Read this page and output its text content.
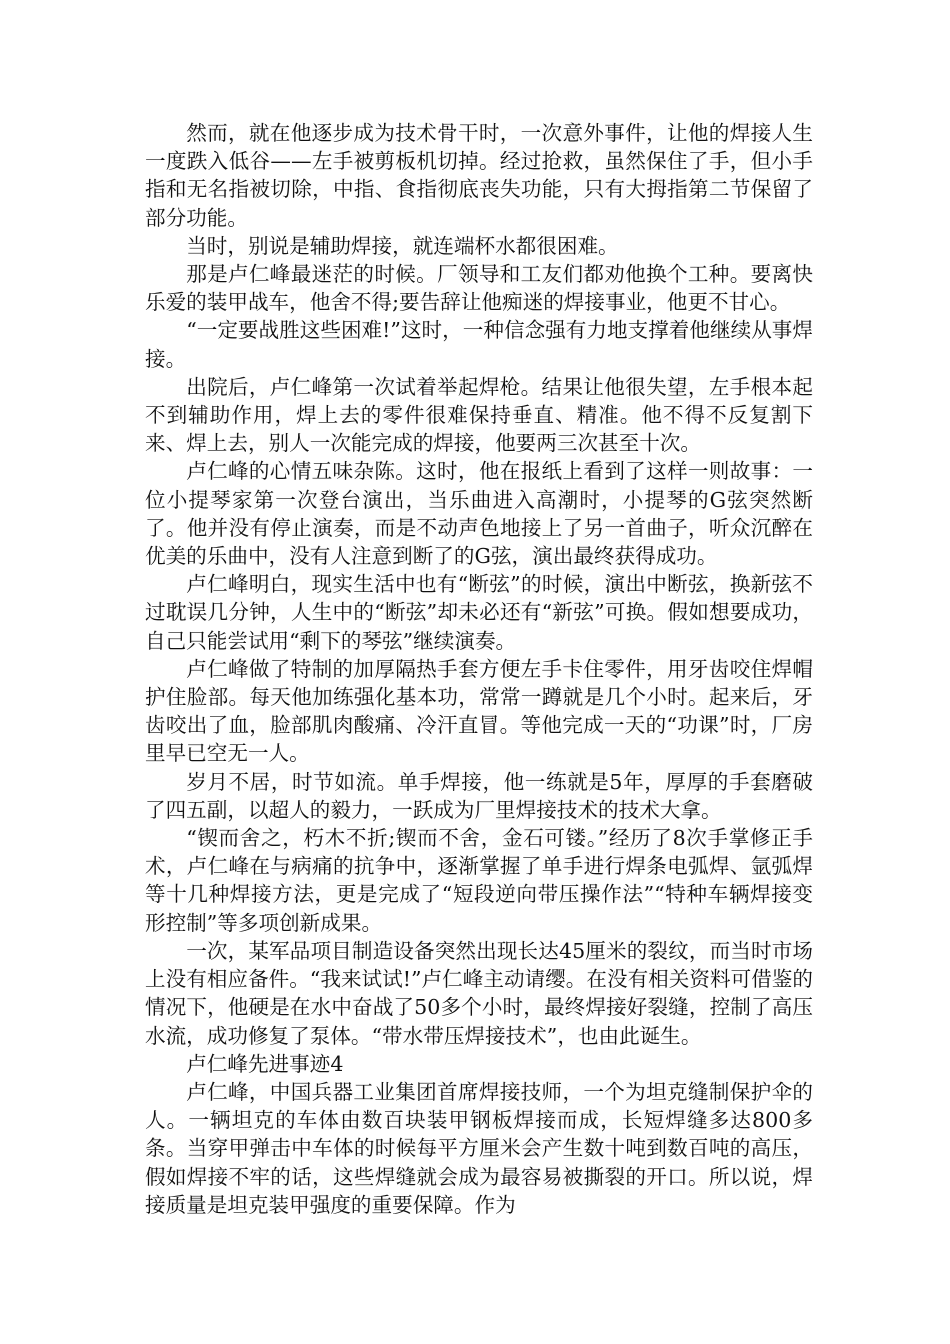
然而，就在他逐步成为技术骨干时，一次意外事件，让他的焊接人生一度跌入低谷——左手被剪板机切掉。经过抢救，虽然保住了手，但小手指和无名指被切除，中指、食指彻底丧失功能，只有大拇指第二节保留了部分功能。

当时，别说是辅助焊接，就连端杯水都很困难。

那是卢仁峰最迷茫的时候。厂领导和工友们都劝他换个工种。要离快乐爱的装甲战车，他舍不得;要告辞让他痴迷的焊接事业，他更不甘心。

“一定要战胜这些困难!”这时，一种信念强有力地支撑着他继续从事焊接。

出院后，卢仁峰第一次试着举起焊枪。结果让他很失望，左手根本起不到辅助作用，焊上去的零件很难保持垂直、精准。他不得不反复割下来、焊上去，别人一次能完成的焊接，他要两三次甚至十次。

卢仁峰的心情五味杂陈。这时，他在报纸上看到了这样一则故事：一位小提琴家第一次登台演出，当乐曲进入高潮时，小提琴的G弦突然断了。他并没有停止演奏，而是不动声色地接上了另一首曲子，听众沉醉在优美的乐曲中，没有人注意到断了的G弦，演出最终获得成功。

卢仁峰明白，现实生活中也有“断弦”的时候，演出中断弦，换新弦不过耽误几分钟，人生中的“断弦”却未必还有“新弦”可换。假如想要成功，自己只能尝试用“剩下的琴弦”继续演奏。

卢仁峰做了特制的加厚隔热手套方便左手卡住零件，用牙齿咬住焊帽护住脸部。每天他加练强化基本功，常常一蹲就是几个小时。起来后，牙齿咬出了血，脸部肌肉酸痛、冷汗直冒。等他完成一天的“功课”时，厂房里早已空无一人。

岁月不居，时节如流。单手焊接，他一练就是5年，厚厚的手套磨破了四五副，以超人的毅力，一跃成为厂里焊接技术的技术大拿。

“锲而舍之，朽木不折;锲而不舍，金石可镂。”经历了8次手掌修正手术，卢仁峰在与病痛的抗争中，逐渐掌握了单手进行焊条电弧焊、氩弧焊等十几种焊接方法，更是完成了“短段逆向带压操作法”“特种车辆焊接变形控制”等多项创新成果。

一次，某军品项目制造设备突然出现长达45厘米的裂纹，而当时市场上没有相应备件。“我来试试!”卢仁峰主动请缨。在没有相关资料可借鉴的情况下，他硬是在水中奋战了50多个小时，最终焊接好裂缝，控制了高压水流，成功修复了泵体。“带水带压焊接技术”，也由此诞生。

卢仁峰先进事迹4

卢仁峰，中国兵器工业集团首席焊接技师，一个为坦克缝制保护伞的人。一辆坦克的车体由数百块装甲钢板焊接而成，长短焊缝多达800多条。当穿甲弹击中车体的时候每平方厘米会产生数十吨到数百吨的高压，假如焊接不牢的话，这些焊缝就会成为最容易被撕裂的开口。所以说，焊接质量是坦克装甲强度的重要保障。作为
